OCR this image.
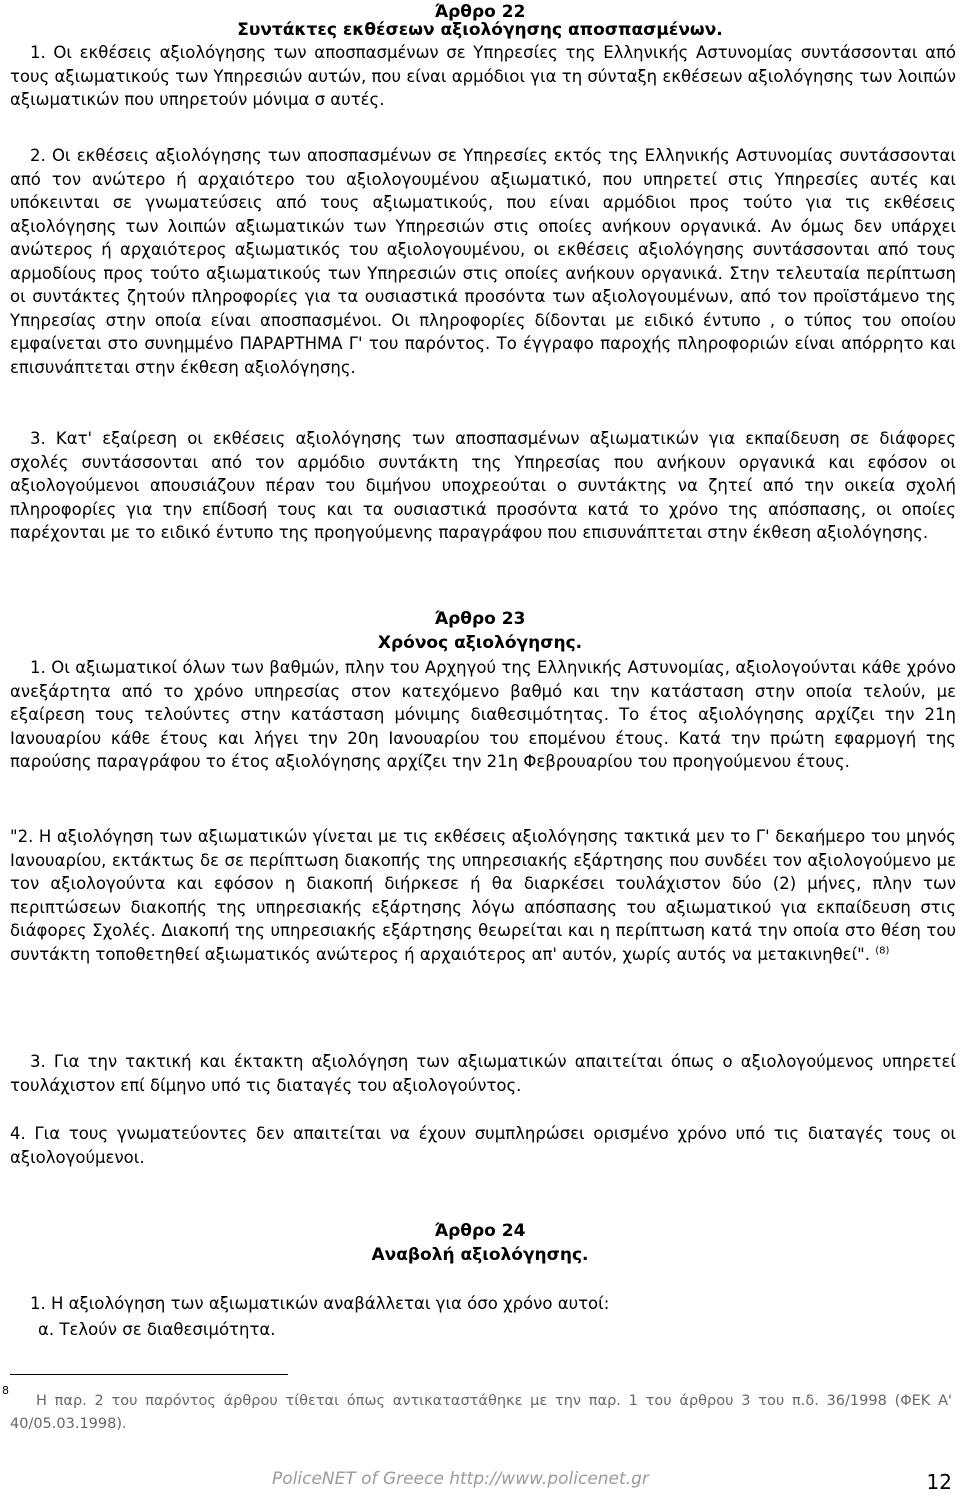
Άρθρο 22
Συντάκτες εκθέσεων αξιολόγησης αποσπασμένων.

1. Οι εκθέσεις αξιολόγησης των αποσπασμένων σε Υπηρεσίες της Ελληνικής Αστυνομίας συντάσσονται από τους αξιωματικούς των Υπηρεσιών αυτών, που είναι αρμόδιοι για τη σύνταξη εκθέσεων αξιολόγησης των λοιπών αξιωματικών που υπηρετούν μόνιμα σ αυτές.

2. Οι εκθέσεις αξιολόγησης των αποσπασμένων σε Υπηρεσίες εκτός της Ελληνικής Αστυνομίας συντάσσονται από τον ανώτερο ή αρχαιότερο του αξιολογουμένου αξιωματικό, που υπηρετεί στις Υπηρεσίες αυτές και υπόκεινται σε γνωματεύσεις από τους αξιωματικούς, που είναι αρμόδιοι προς τούτο για τις εκθέσεις αξιολόγησης των λοιπών αξιωματικών των Υπηρεσιών στις οποίες ανήκουν οργανικά. Αν όμως δεν υπάρχει ανώτερος ή αρχαιότερος αξιωματικός του αξιολογουμένου, οι εκθέσεις αξιολόγησης συντάσσονται από τους αρμοδίους προς τούτο αξιωματικούς των Υπηρεσιών στις οποίες ανήκουν οργανικά. Στην τελευταία περίπτωση οι συντάκτες ζητούν πληροφορίες για τα ουσιαστικά προσόντα των αξιολογουμένων, από τον προϊστάμενο της Υπηρεσίας στην οποία είναι αποσπασμένοι. Οι πληροφορίες δίδονται με ειδικό έντυπο , ο τύπος του οποίου εμφαίνεται στο συνημμένο ΠΑΡΑΡΤΗΜΑ Γ' του παρόντος. Το έγγραφο παροχής πληροφοριών είναι απόρρητο και επισυνάπτεται στην έκθεση αξιολόγησης.

3. Κατ' εξαίρεση οι εκθέσεις αξιολόγησης των αποσπασμένων αξιωματικών για εκπαίδευση σε διάφορες σχολές συντάσσονται από τον αρμόδιο συντάκτη της Υπηρεσίας που ανήκουν οργανικά και εφόσον οι αξιολογούμενοι απουσιάζουν πέραν του διμήνου υποχρεούται ο συντάκτης να ζητεί από την οικεία σχολή πληροφορίες για την επίδοσή τους και τα ουσιαστικά προσόντα κατά το χρόνο της απόσπασης, οι οποίες παρέχονται με το ειδικό έντυπο της προηγούμενης παραγράφου που επισυνάπτεται στην έκθεση αξιολόγησης.

Άρθρο 23
Χρόνος αξιολόγησης.

1. Οι αξιωματικοί όλων των βαθμών, πλην του Αρχηγού της Ελληνικής Αστυνομίας, αξιολογούνται κάθε χρόνο ανεξάρτητα από το χρόνο υπηρεσίας στον κατεχόμενο βαθμό και την κατάσταση στην οποία τελούν, με εξαίρεση τους τελούντες στην κατάσταση μόνιμης διαθεσιμότητας. Το έτος αξιολόγησης αρχίζει την 21η Ιανουαρίου κάθε έτους και λήγει την 20η Ιανουαρίου του επομένου έτους. Κατά την πρώτη εφαρμογή της παρούσης παραγράφου το έτος αξιολόγησης αρχίζει την 21η Φεβρουαρίου του προηγούμενου έτους.

"2. Η αξιολόγηση των αξιωματικών γίνεται με τις εκθέσεις αξιολόγησης τακτικά μεν το Γ' δεκαήμερο του μηνός Ιανουαρίου, εκτάκτως δε σε περίπτωση διακοπής της υπηρεσιακής εξάρτησης που συνδέει τον αξιολογούμενο με τον αξιολογούντα και εφόσον η διακοπή διήρκεσε ή θα διαρκέσει τουλάχιστον δύο (2) μήνες, πλην των περιπτώσεων διακοπής της υπηρεσιακής εξάρτησης λόγω απόσπασης του αξιωματικού για εκπαίδευση στις διάφορες Σχολές. Διακοπή της υπηρεσιακής εξάρτησης θεωρείται και η περίπτωση κατά την οποία στο θέση του συντάκτη τοποθετηθεί αξιωματικός ανώτερος ή αρχαιότερος απ' αυτόν, χωρίς αυτός να μετακινηθεί". $^{(8)}$

3. Για την τακτική και έκτακτη αξιολόγηση των αξιωματικών απαιτείται όπως ο αξιολογούμενος υπηρετεί τουλάχιστον επί δίμηνο υπό τις διαταγές του αξιολογούντος.

4. Για τους γνωματεύοντες δεν απαιτείται να έχουν συμπληρώσει ορισμένο χρόνο υπό τις διαταγές τους οι αξιολογούμενοι.

Άρθρο 24
Αναβολή αξιολόγησης.

1. Η αξιολόγηση των αξιωματικών αναβάλλεται για όσο χρόνο αυτοί:

α. Τελούν σε διαθεσιμότητα.

8

Η παρ. 2 του παρόντος άρθρου τίθεται όπως αντικαταστάθηκε με την παρ. 1 του άρθρου 3 του π.δ. 36/1998 (ΦΕΚ Α' 40/05.03.1998).

PoliceNET of Greece http://www.policenet.gr	12
